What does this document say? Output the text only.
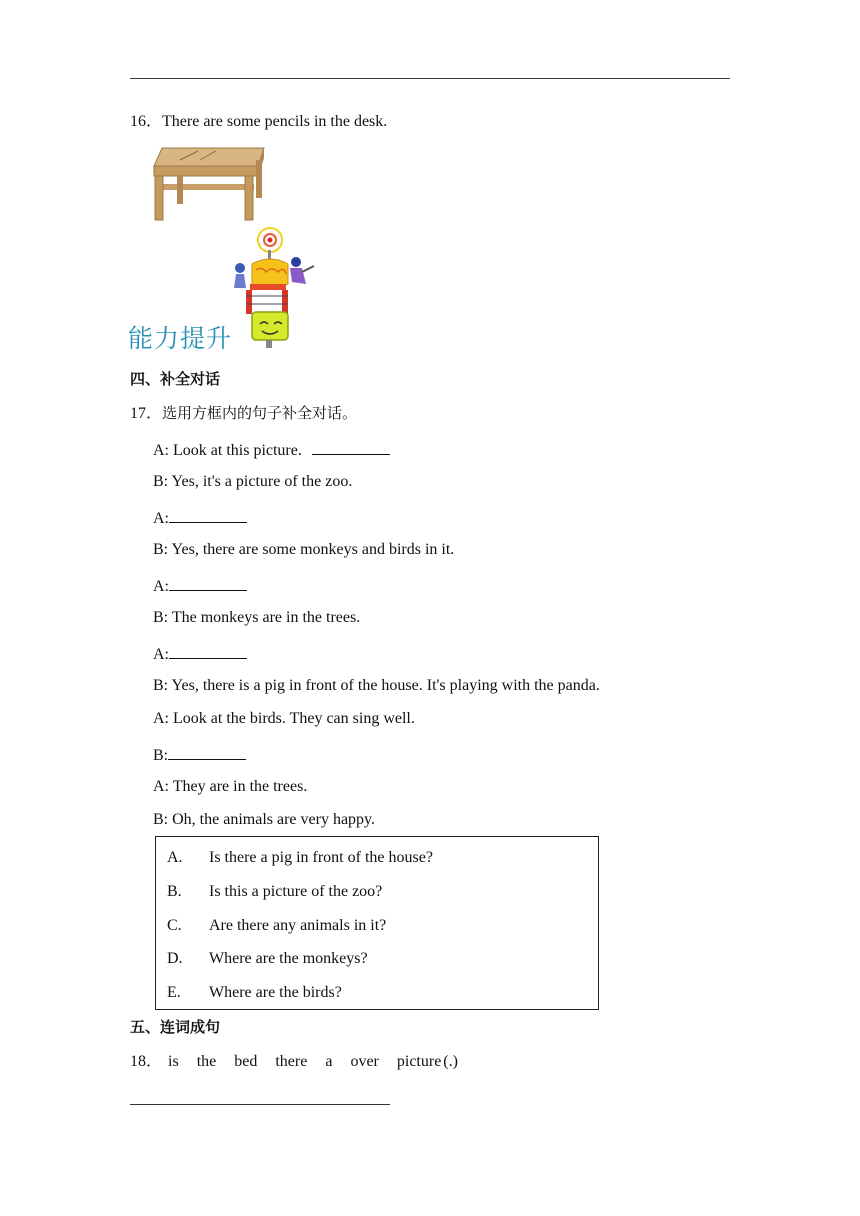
16．There are some pencils in the desk.
能力提升
四、补全对话
17．选用方框内的句子补全对话。
A: Look at this picture.
B: Yes, it's a picture of the zoo.
A:
B: Yes, there are some monkeys and birds in it.
A:
B: The monkeys are in the trees.
A:
B: Yes, there is a pig in front of the house. It's playing with the panda.
A: Look at the birds. They can sing well.
B:
A: They are in the trees.
B: Oh, the animals are very happy.
A. Is there a pig in front of the house?
B. Is this a picture of the zoo?
C. Are there any animals in it?
D. Where are the monkeys?
E. Where are the birds?
五、连词成句
18． is the bed there a over picture (.)
